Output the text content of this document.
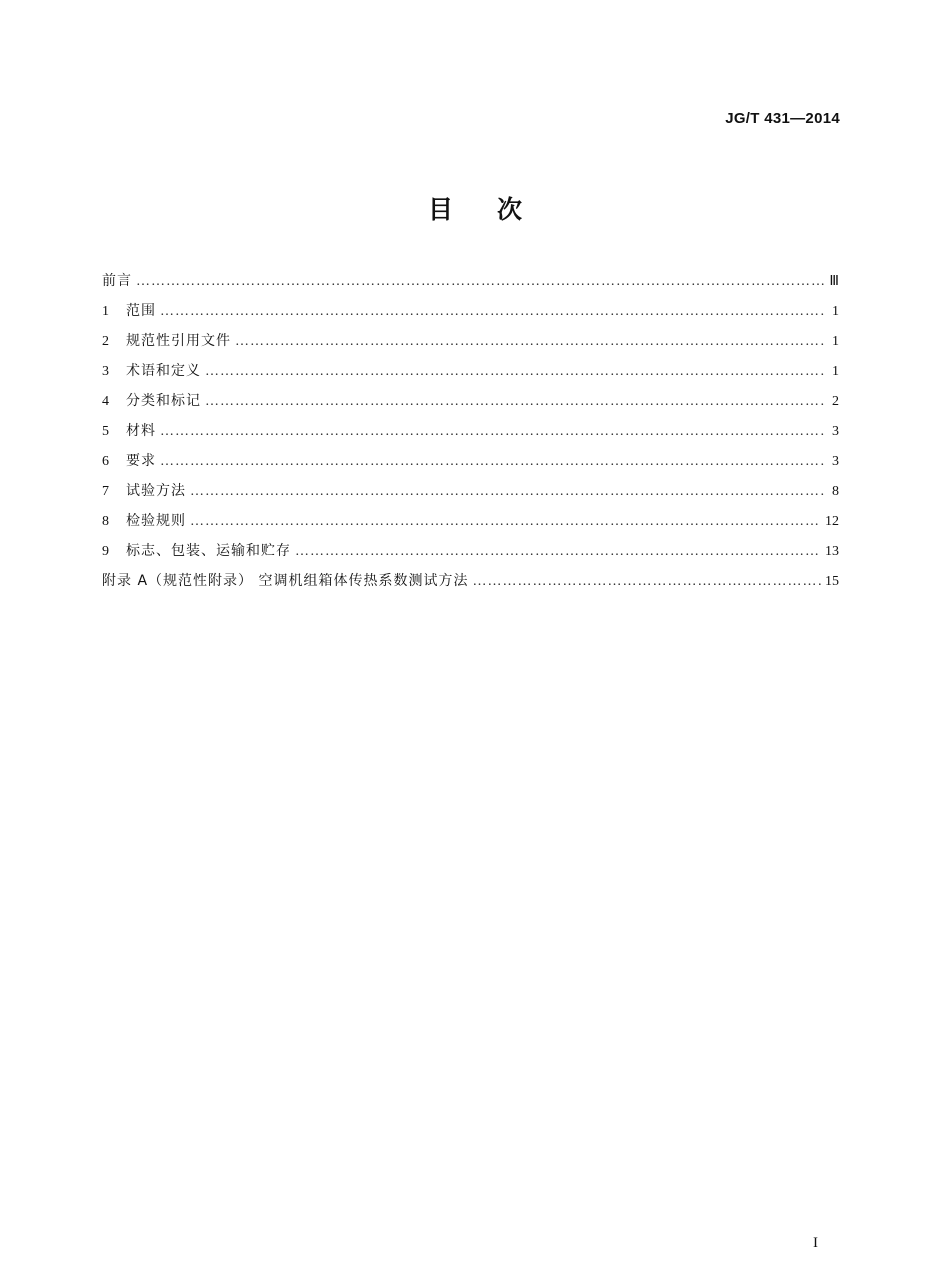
JG/T 431—2014
目次
前言 …………………………………………………………………………………………………………………………………………………………………………………………………………………………	Ⅲ
1	范围 …………………………………………………………………………………………………………………………………………………………………………………………………………………………	1
2	规范性引用文件 …………………………………………………………………………………………………………………………………………………………………………………………………………………………	1
3	术语和定义 …………………………………………………………………………………………………………………………………………………………………………………………………………………………	1
4	分类和标记 …………………………………………………………………………………………………………………………………………………………………………………………………………………………	2
5	材料 …………………………………………………………………………………………………………………………………………………………………………………………………………………………	3
6	要求 …………………………………………………………………………………………………………………………………………………………………………………………………………………………	3
7	试验方法 …………………………………………………………………………………………………………………………………………………………………………………………………………………………	8
8	检验规则 …………………………………………………………………………………………………………………………………………………………………………………………………………………………	12
9	标志、包装、运输和贮存 …………………………………………………………………………………………………………………………………………………………………………………………………………………………	13
附录 A（规范性附录） 空调机组箱体传热系数测试方法 …………………………………………………………………………………………………………………………………………………………………………………………………………………………	15
I
